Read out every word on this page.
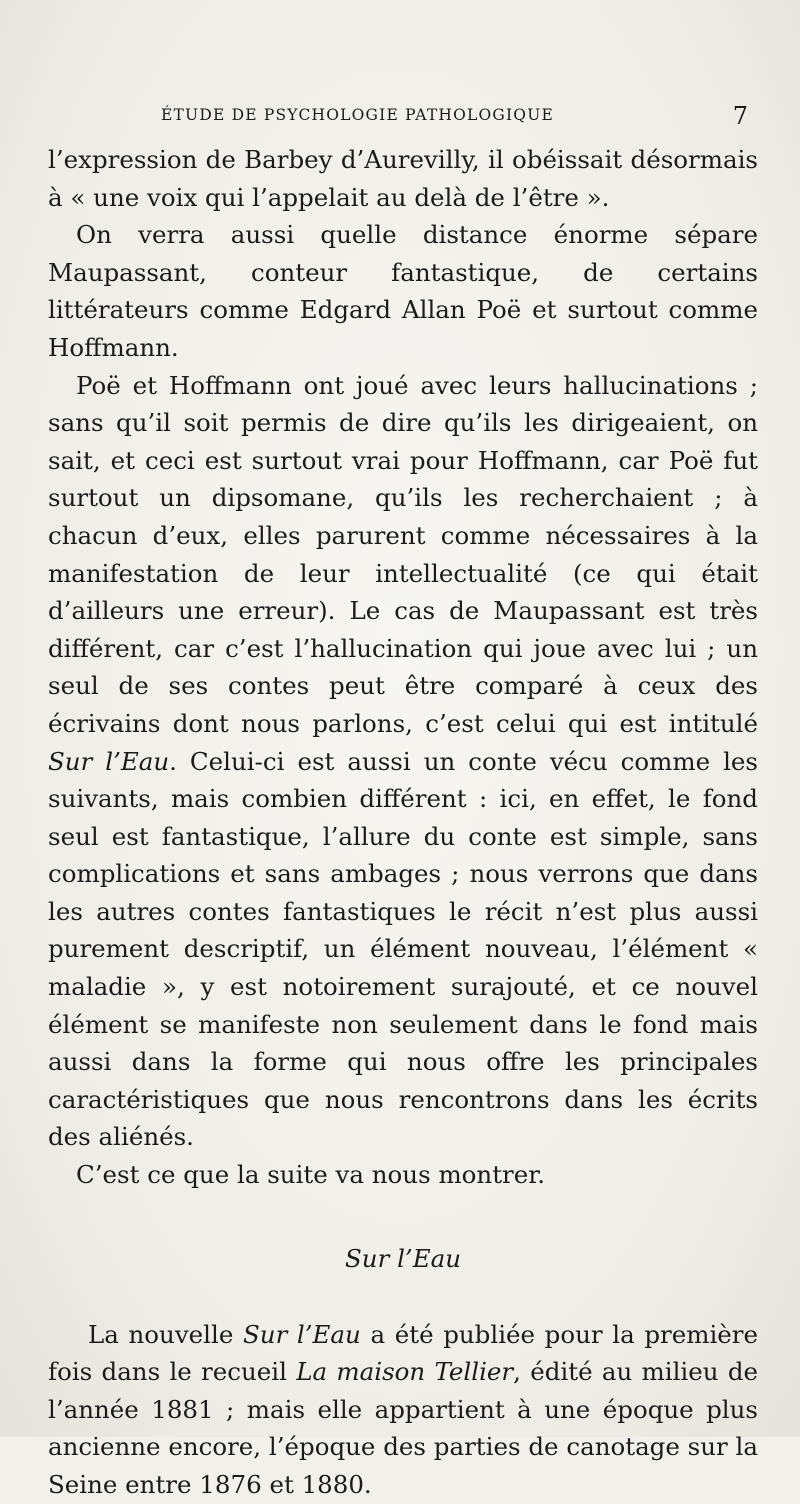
ÉTUDE DE PSYCHOLOGIE PATHOLOGIQUE	7

l’expression de Barbey d’Aurevilly, il obéissait désormais à « une voix qui l’appelait au delà de l’être ».

On verra aussi quelle distance énorme sépare Maupassant, conteur fantastique, de certains littérateurs comme Edgard Allan Poë et surtout comme Hoffmann.

Poë et Hoffmann ont joué avec leurs hallucinations ; sans qu’il soit permis de dire qu’ils les dirigeaient, on sait, et ceci est surtout vrai pour Hoffmann, car Poë fut surtout un dipsomane, qu’ils les recherchaient ; à chacun d’eux, elles parurent comme nécessaires à la manifestation de leur intellectualité (ce qui était d’ailleurs une erreur). Le cas de Maupassant est très différent, car c’est l’hallucination qui joue avec lui ; un seul de ses contes peut être comparé à ceux des écrivains dont nous parlons, c’est celui qui est intitulé Sur l’Eau. Celui-ci est aussi un conte vécu comme les suivants, mais combien différent : ici, en effet, le fond seul est fantastique, l’allure du conte est simple, sans complications et sans ambages ; nous verrons que dans les autres contes fantastiques le récit n’est plus aussi purement descriptif, un élément nouveau, l’élément « maladie », y est notoirement surajouté, et ce nouvel élément se manifeste non seulement dans le fond mais aussi dans la forme qui nous offre les principales caractéristiques que nous rencontrons dans les écrits des aliénés.

C’est ce que la suite va nous montrer.

Sur l’Eau

La nouvelle Sur l’Eau a été publiée pour la première fois dans le recueil La maison Tellier, édité au milieu de l’année 1881 ; mais elle appartient à une époque plus ancienne encore, l’époque des parties de canotage sur la Seine entre 1876 et 1880.
